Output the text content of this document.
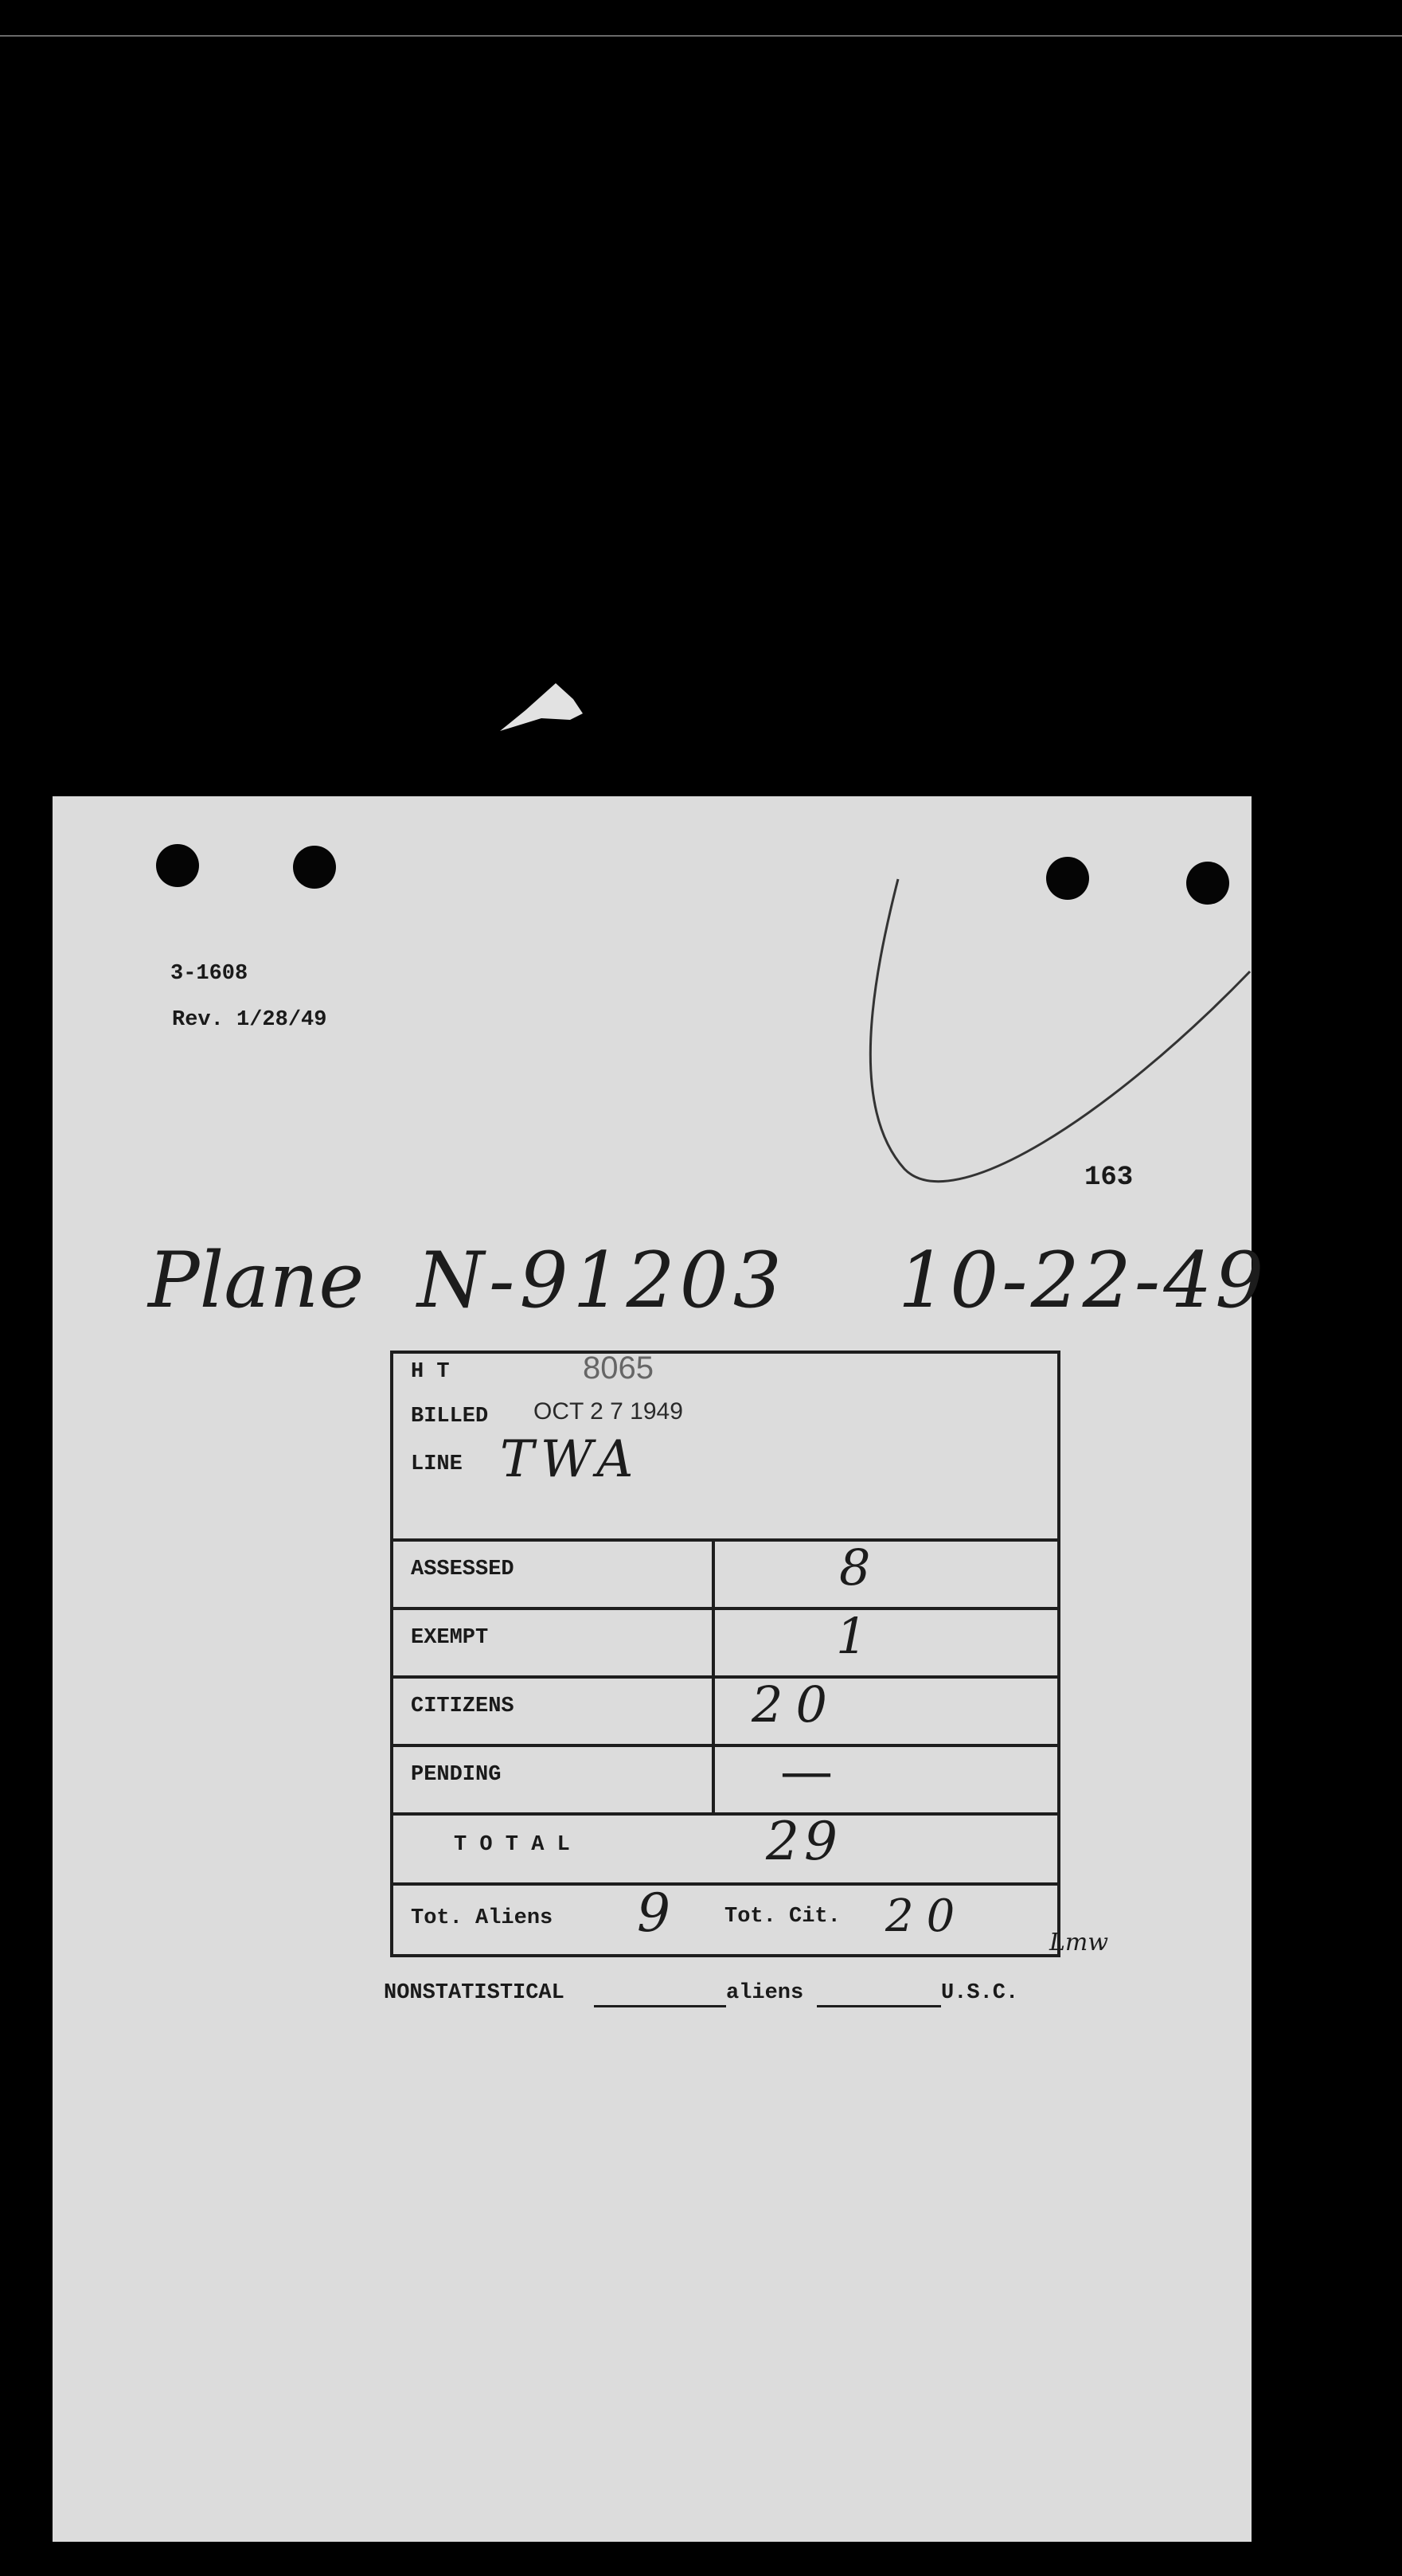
3-1608
Rev. 1/28/49
163
Plane N-91203 10-22-49
H T	8065
BILLED OCT 2 7 1949
LINE TWA
ASSESSED	8
EXEMPT	1
CITIZENS	20
PENDING	—
T O T A L	29
Tot. Aliens 9	Tot. Cit. 20
Lmw
NONSTATISTICAL	aliens	U.S.C.
